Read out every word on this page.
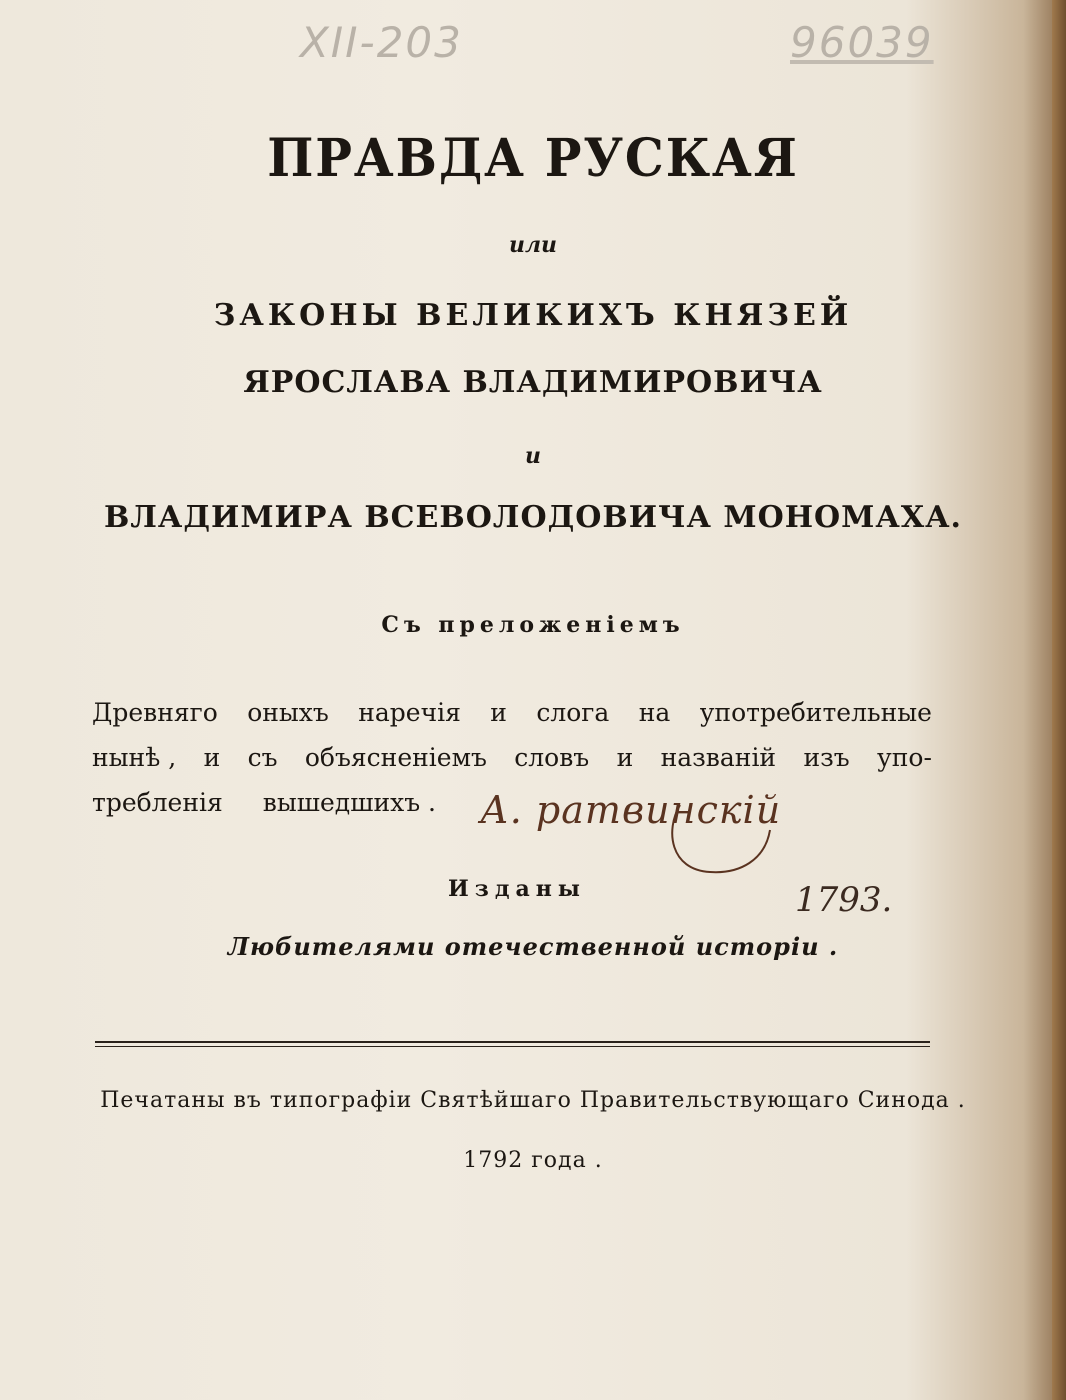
ХII-203	96039
ПРАВДА РУСКАЯ
или
ЗАКОНЫ ВЕЛИКИХЪ КНЯЗЕЙ
ЯРОСЛАВА ВЛАДИМИРОВИЧА
и
ВЛАДИМИРА ВСЕВОЛОДОВИЧА МОНОМАХА.
Съ преложенiемъ
Древняго оныхъ наречiя и слога на употребительные
нынѣ , и съ объясненiемъ словъ и названiй изъ упо-
требленiя вышедшихъ . А. ратвинскiй
Изданы	1793.
Любителями отечественной исторiи .
Печатаны въ типографiи Святѣйшаго Правительствующаго Синода .
1792 года .
